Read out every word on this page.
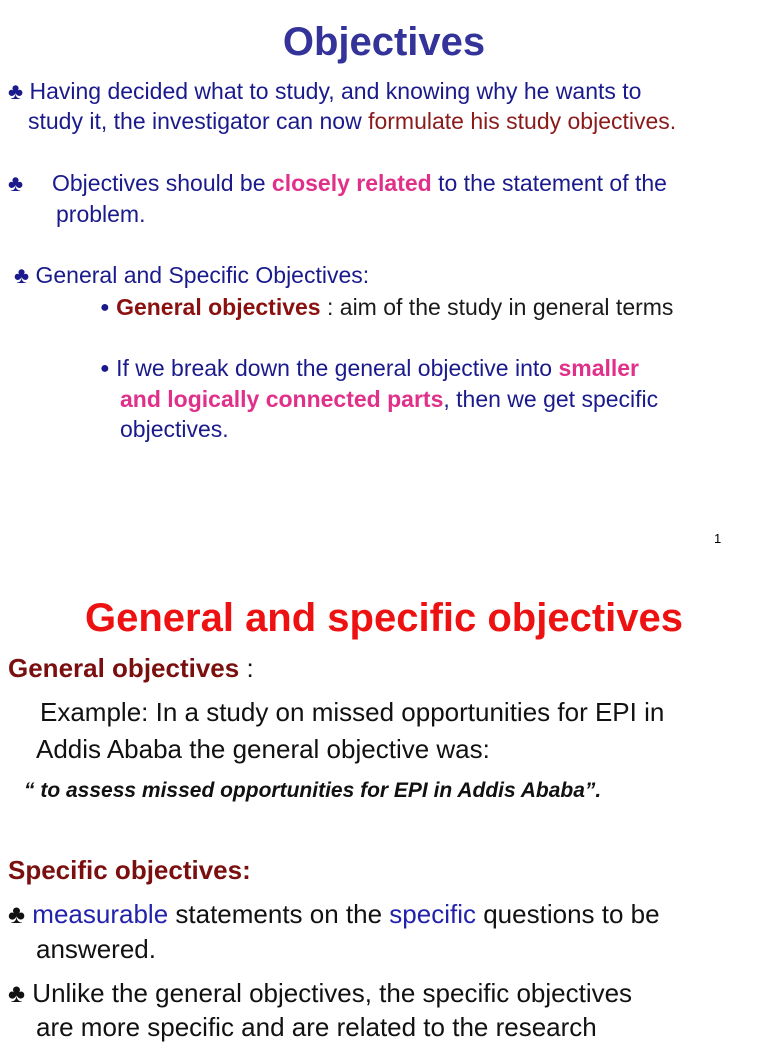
Objectives
♣ Having decided what to study, and knowing why he wants to
study it, the investigator can now formulate his study objectives.
♣ Objectives should be closely related to the statement of the
problem.
♣ General and Specific Objectives:
● General objectives : aim of the study in general terms
● If we break down the general objective into smaller
and logically connected parts, then we get specific
objectives.
1
General and specific objectives
General objectives :
Example: In a study on missed opportunities for EPI in
Addis Ababa the general objective was:
“ to assess missed opportunities for EPI in Addis Ababa”.
Specific objectives:
♣ measurable statements on the specific questions to be
answered.
♣ Unlike the general objectives, the specific objectives
are more specific and are related to the research
